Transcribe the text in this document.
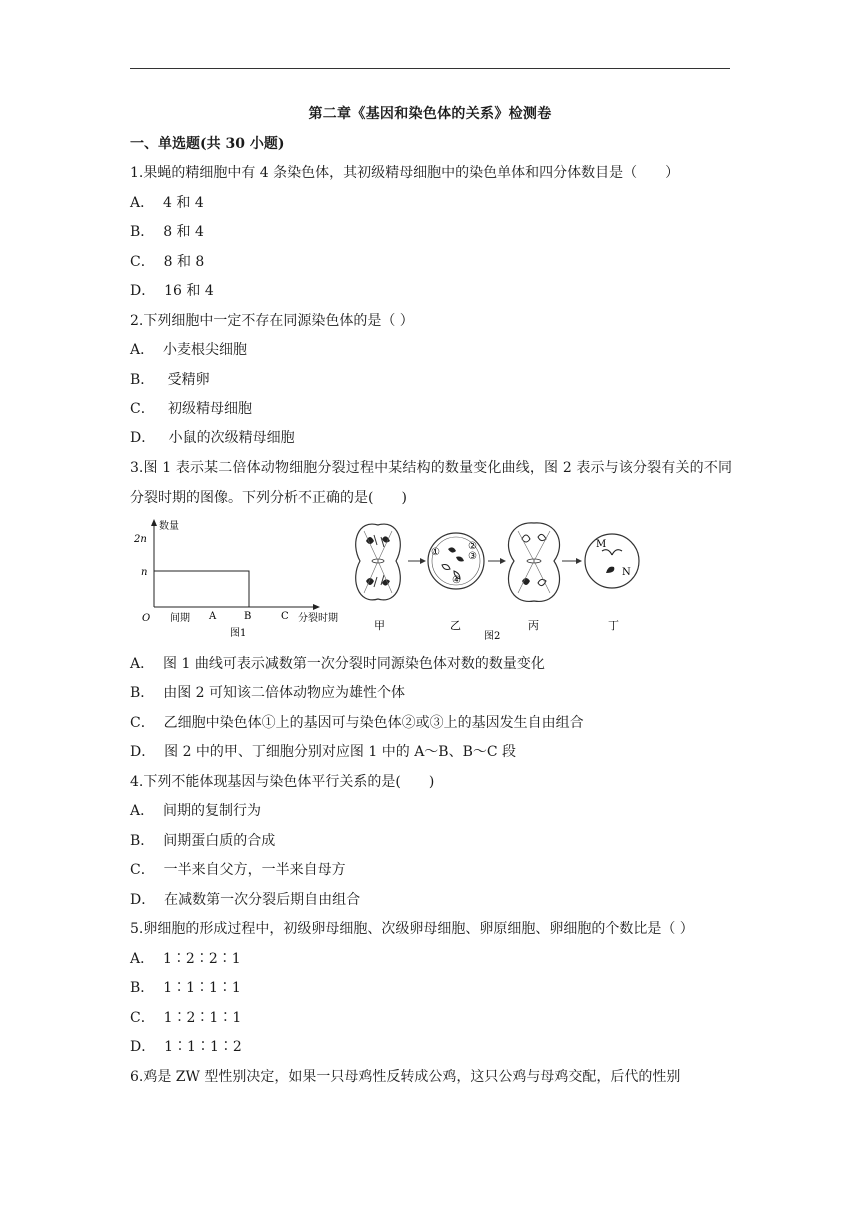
第二章《基因和染色体的关系》检测卷
一、单选题(共 30 小题)
1.果蝇的精细胞中有 4 条染色体，其初级精母细胞中的染色单体和四分体数目是（　　）
A．  4 和 4
B．  8 和 4
C．  8 和 8
D．  16 和 4
2.下列细胞中一定不存在同源染色体的是（ ）
A．  小麦根尖细胞
B．   受精卵
C．   初级精母细胞
D．   小鼠的次级精母细胞
3.图 1 表示某二倍体动物细胞分裂过程中某结构的数量变化曲线，图 2 表示与该分裂有关的不同分裂时期的图像。下列分析不正确的是(　　)
数量
2n
n
O 间期 A	B	C 分裂时期
图1
甲
①
②
③
④
乙	丙
M
N
丁
图2
A．  图 1 曲线可表示减数第一次分裂时同源染色体对数的数量变化
B．  由图 2 可知该二倍体动物应为雄性个体
C．  乙细胞中染色体①上的基因可与染色体②或③上的基因发生自由组合
D．  图 2 中的甲、丁细胞分别对应图 1 中的 A～B、B～C 段
4.下列不能体现基因与染色体平行关系的是(　　)
A．  间期的复制行为
B．  间期蛋白质的合成
C．  一半来自父方，一半来自母方
D．  在减数第一次分裂后期自由组合
5.卵细胞的形成过程中，初级卵母细胞、次级卵母细胞、卵原细胞、卵细胞的个数比是（ ）
A．  1∶2∶2∶1
B．  1∶1∶1∶1
C．  1∶2∶1∶1
D．  1∶1∶1∶2
6.鸡是 ZW 型性别决定，如果一只母鸡性反转成公鸡，这只公鸡与母鸡交配，后代的性别
